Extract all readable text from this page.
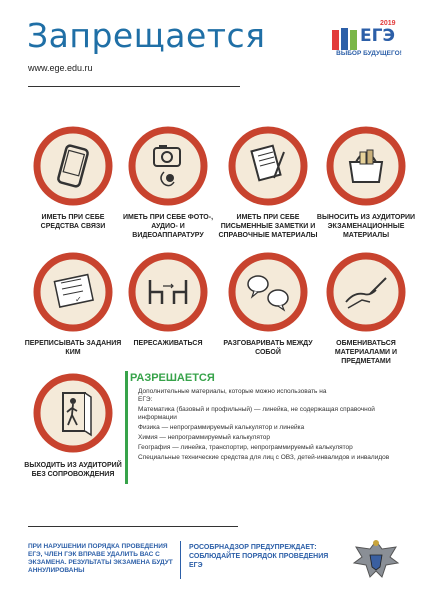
Запрещается
www.ege.edu.ru
2019
ЕГЭ
ВЫБОР БУДУЩЕГО!
ИМЕТЬ ПРИ СЕБЕ СРЕДСТВА СВЯЗИ
ИМЕТЬ ПРИ СЕБЕ ФОТО-, АУДИО- И ВИДЕОАППАРАТУРУ
ИМЕТЬ ПРИ СЕБЕ ПИСЬМЕННЫЕ ЗАМЕТКИ И СПРАВОЧНЫЕ МАТЕРИАЛЫ
ВЫНОСИТЬ ИЗ АУДИТОРИИ ЭКЗАМЕНАЦИОННЫЕ МАТЕРИАЛЫ
✓
ПЕРЕПИСЫВАТЬ ЗАДАНИЯ КИМ
ПЕРЕСАЖИВАТЬСЯ	РАЗГОВАРИВАТЬ МЕЖДУ СОБОЙ
ОБМЕНИВАТЬСЯ МАТЕРИАЛАМИ И ПРЕДМЕТАМИ
ВЫХОДИТЬ ИЗ АУДИТОРИЙ БЕЗ СОПРОВОЖДЕНИЯ
РАЗРЕШАЕТСЯ
Дополнительные материалы, которые можно использовать на ЕГЭ:
Математика (базовый и профильный) — линейка, не содержащая справочной информации
Физика — непрограммируемый калькулятор и линейка
Химия — непрограммируемый калькулятор
География — линейка, транспортир, непрограммируемый калькулятор
Специальные технические средства для лиц с ОВЗ, детей-инвалидов и инвалидов
ПРИ НАРУШЕНИИ ПОРЯДКА ПРОВЕДЕНИЯ ЕГЭ, ЧЛЕН ГЭК ВПРАВЕ УДАЛИТЬ ВАС С ЭКЗАМЕНА. РЕЗУЛЬТАТЫ ЭКЗАМЕНА БУДУТ АННУЛИРОВАНЫ
РОСОБРНАДЗОР ПРЕДУПРЕЖДАЕТ: СОБЛЮДАЙТЕ ПОРЯДОК ПРОВЕДЕНИЯ ЕГЭ
